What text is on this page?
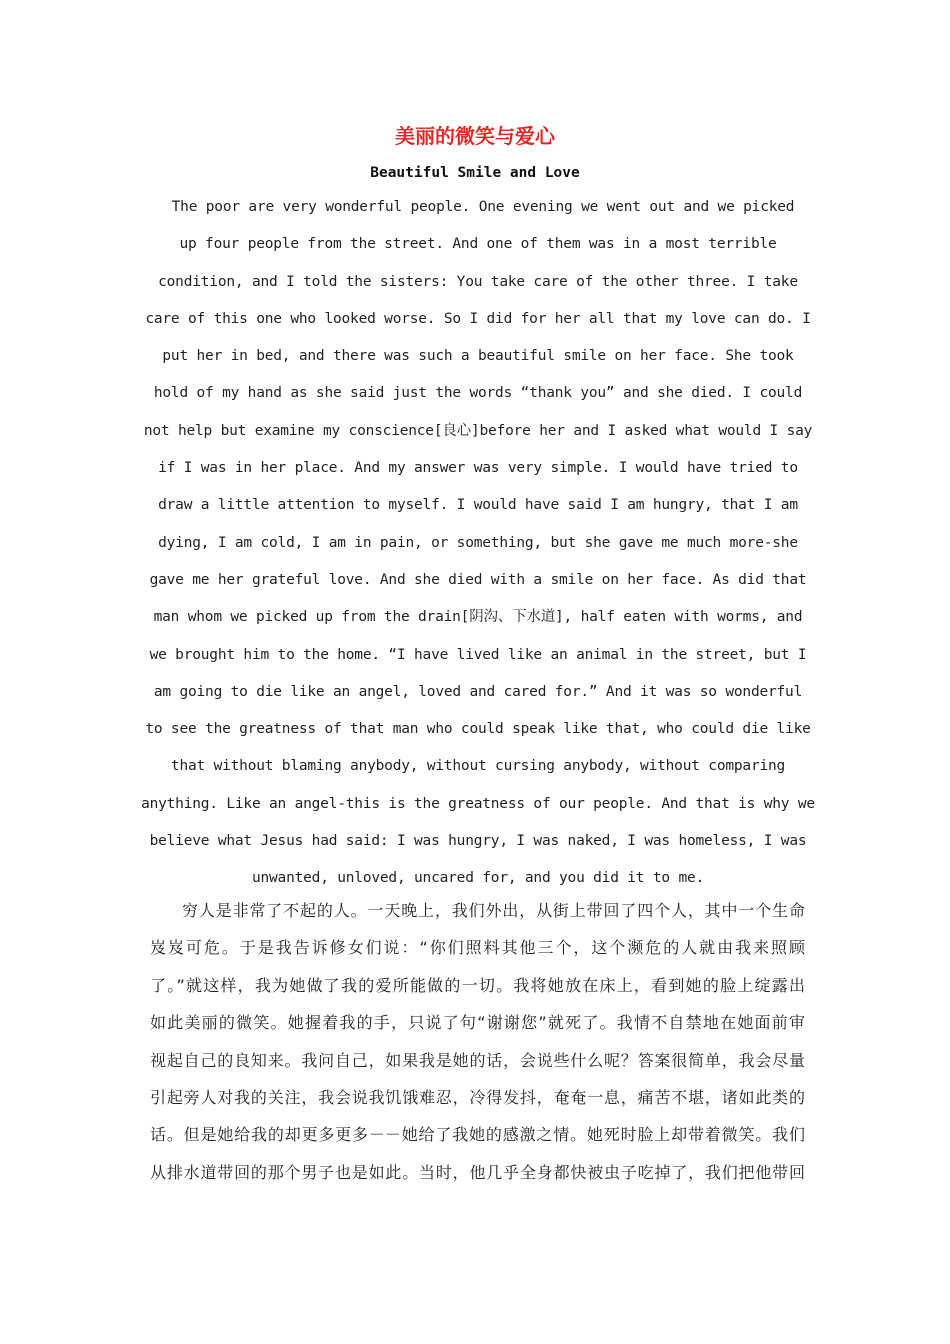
美丽的微笑与爱心
Beautiful Smile and Love
The poor are very wonderful people. One evening we went out and we picked
up four people from the street. And one of them was in a most terrible
condition, and I told the sisters: You take care of the other three. I take
care of this one who looked worse. So I did for her all that my love can do. I
put her in bed, and there was such a beautiful smile on her face. She took
hold of my hand as she said just the words “thank you” and she died. I could
not help but examine my conscience[良心]before her and I asked what would I say
if I was in her place. And my answer was very simple. I would have tried to
draw a little attention to myself. I would have said I am hungry, that I am
dying, I am cold, I am in pain, or something, but she gave me much more-she
gave me her grateful love. And she died with a smile on her face. As did that
man whom we picked up from the drain[阴沟、下水道], half eaten with worms, and
we brought him to the home. “I have lived like an animal in the street, but I
am going to die like an angel, loved and cared for.” And it was so wonderful
to see the greatness of that man who could speak like that, who could die like
that without blaming anybody, without cursing anybody, without comparing
anything. Like an angel-this is the greatness of our people. And that is why we
believe what Jesus had said: I was hungry, I was naked, I was homeless, I was
unwanted, unloved, uncared for, and you did it to me.
穷人是非常了不起的人。一天晚上，我们外出，从街上带回了四个人，其中一个生命
岌岌可危。于是我告诉修女们说：“你们照料其他三个，这个濒危的人就由我来照顾
了。”就这样，我为她做了我的爱所能做的一切。我将她放在床上，看到她的脸上绽露出
如此美丽的微笑。她握着我的手，只说了句“谢谢您”就死了。我情不自禁地在她面前审
视起自己的良知来。我问自己，如果我是她的话，会说些什么呢？答案很简单，我会尽量
引起旁人对我的关注，我会说我饥饿难忍，冷得发抖，奄奄一息，痛苦不堪，诸如此类的
话。但是她给我的却更多更多－－她给了我她的感激之情。她死时脸上却带着微笑。我们
从排水道带回的那个男子也是如此。当时，他几乎全身都快被虫子吃掉了，我们把他带回
